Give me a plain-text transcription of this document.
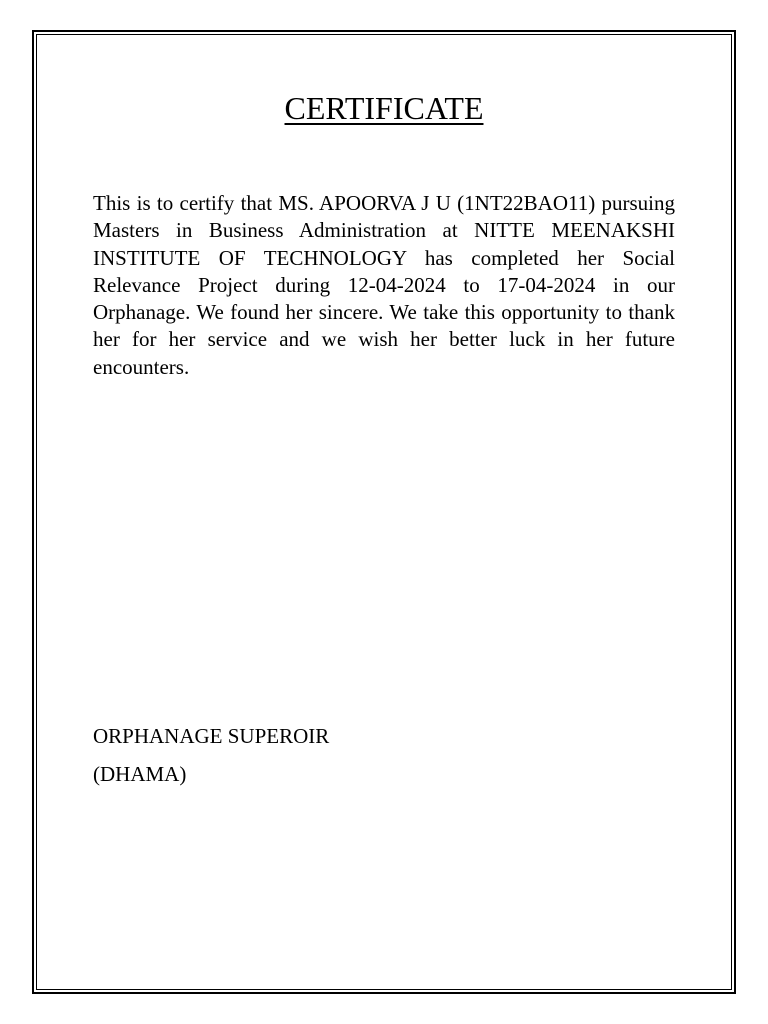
CERTIFICATE

This is to certify that MS. APOORVA J U (1NT22BAO11) pursuing Masters in Business Administration at NITTE MEENAKSHI INSTITUTE OF TECHNOLOGY has completed her Social Relevance Project during 12-04-2024 to 17-04-2024 in our Orphanage. We found her sincere. We take this opportunity to thank her for her service and we wish her better luck in her future encounters.

ORPHANAGE SUPEROIR
(DHAMA)
